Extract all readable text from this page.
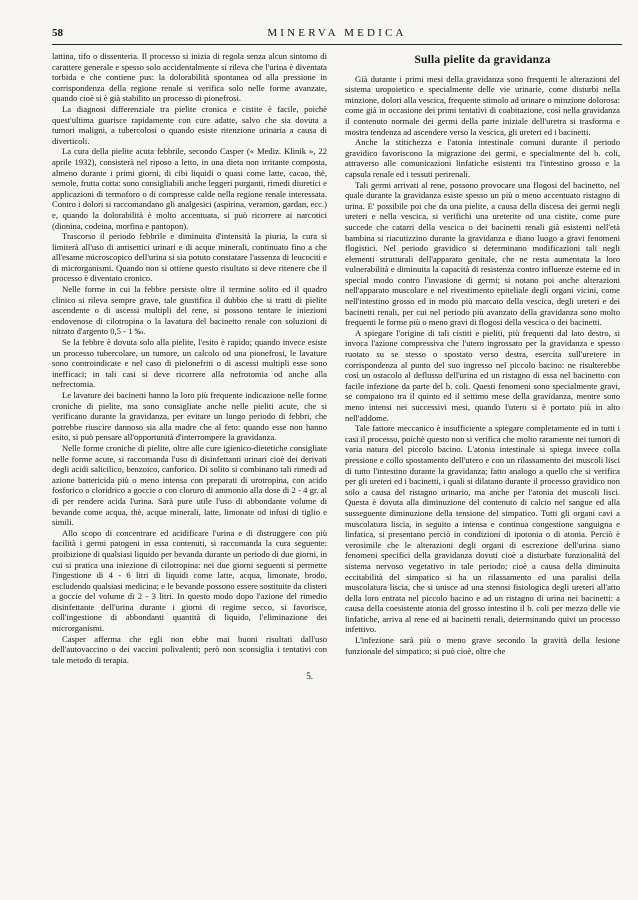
58	MINERVA MEDICA

lattina, tifo o dissenteria. Il processo si inizia di regola senza alcun sintomo di carattere generale e spesso solo accidentalmente si rileva che l'urina è diventata torbida e che contiene pus: la dolorabilità spontanea od alla pressione in corrispondenza della regione renale si verifica solo nelle forme avanzate, quando cioè si è già stabilito un processo di pionefrosi.

La diagnosi differenziale tra pielite cronica e cistite è facile, poichè quest'ultima guarisce rapidamente con cure adatte, salvo che sia dovuta a tumori maligni, a tubercolosi o quando esiste ritenzione urinaria a causa di diverticoli.

La cura della pielite acuta febbrile, secondo Casper (« Mediz. Klinik », 22 aprile 1932), consisterà nel riposo a letto, in una dieta non irritante composta, almeno durante i primi giorni, di cibi liquidi o quasi come latte, cacao, thè, semole, frutta cotta: sono consigliabili anche leggeri purganti, rimedi diuretici e applicazioni di termoforo o di compresse calde nella regione renale interessata. Contro i dolori si raccomandano gli analgesici (aspirina, veramon, gardan, ecc.) e, quando la dolorabilità è molto accentuata, si può ricorrere ai narcotici (dionina, codeina, morfina e pantopon).

Trascorso il periodo febbrile e diminuita d'intensità la piuria, la cura si limiterà all'uso di antisettici urinari e di acque minerali, continuato fino a che all'esame microscopico dell'urina si sia potuto constatare l'assenza di leucociti e di microrganismi. Quando non si ottiene questo risultato si deve ritenere che il processo è diventato cronico.

Nelle forme in cui la febbre persiste oltre il termine solito ed il quadro clinico si rileva sempre grave, tale giustifica il dubbio che si tratti di pielite ascendente o di ascessi multipli del rene, si possono tentare le iniezioni endovenose di cilotropina o la lavatura del bacinetto renale con soluzioni di nitrato d'argento 0,5 - 1 ‰.

Se la febbre è dovuta solo alla pielite, l'esito è rapido; quando invece esiste un processo tubercolare, un tumore, un calcolo od una pionefrosi, le lavature sono controindicate e nel caso di pielonefriti o di ascessi multipli esse sono inefficaci; in tali casi si deve ricorrere alla nefrotomia od anche alla nefrectomia.

Le lavature dei bacinetti hanno la loro più frequente indicazione nelle forme croniche di pielite, ma sono consigliate anche nelle pieliti acute, che si verificano durante la gravidanza, per evitare un lungo periodo di febbri, che potrebbe riuscire dannoso sia alla madre che al feto: quando esse non hanno esito, si può pensare all'opportunità d'interrompere la gravidanza.

Nelle forme croniche di pielite, oltre alle cure igienico-dietetiche consigliate nelle forme acute, si raccomanda l'uso di disinfettanti urinari cioè dei derivati degli acidi salicilico, benzoico, canforico. Di solito si combinano tali rimedi ad azione battericida più o meno intensa con preparati di urotropina, con acido fosforico o cloridrico a goccie o con cloruro di ammonio alla dose di 2 - 4 gr. al dì per rendere acida l'urina. Sarà pure utile l'uso di abbondante volume di bevande come acqua, thè, acque minerali, latte, limonate od infusi di tiglio e simili.

Allo scopo di concentrare ed acidificare l'urina e di distruggere con più facilità i germi patogeni in essa contenuti, si raccomanda la cura seguente: proibizione di qualsiasi liquido per bevanda durante un periodo di due giorni, in cui si pratica una iniezione di cilotropina: nei due giorni seguenti si permette l'ingestione di 4 - 6 litri di liquidi come latte, acqua, limonate, brodo, escludendo qualsiasi medicina; e le bevande possono essere sostituite da clisteri a goccie del volume di 2 - 3 litri. In questo modo dopo l'azione del rimedio disinfettante dell'urina durante i giorni di regime secco, si favorisce, coll'ingestione di abbondanti quantità di liquido, l'eliminazione dei microrganismi.

Casper afferma che egli non ebbe mai buoni risultati dall'uso dell'autovaccino o dei vaccini polivalenti; però non sconsiglia i tentativi con tale metodo di terapia.

5.
Sulla pielite da gravidanza

Già durante i primi mesi della gravidanza sono frequenti le alterazioni del sistema uropoietico e specialmente delle vie urinarie, come disturbi nella minzione, dolori alla vescica, frequente stimolo ad urinare o minzione dolorosa: come già in occasione dei primi tentativi di coabitazione, così nella gravidanza il contenuto normale dei germi della parte iniziale dell'uretra si trasforma e mostra tendenza ad ascendere verso la vescica, gli ureteri ed i bacinetti.

Anche la stitichezza e l'atonia intestinale comuni durante il periodo gravidico favoriscono la migrazione dei germi, e specialmente del b. coli, attraverso alle comunicazioni linfatiche esistenti tra l'intestino grosso e la capsula renale ed i tessuti perirenali.

Tali germi arrivati al rene, possono provocare una flogosi del bacinetto, nel quale durante la gravidanza esiste spesso un più o meno accentuato ristagno di urina. E' possibile poi che da una pielite, a causa della discesa dei germi negli ureteri e nella vescica, si verifichi una ureterite od una cistite, come pure succede che catarri della vescica o dei bacinetti renali già esistenti nell'età bambina si riacutizzino durante la gravidanza e diano luogo a gravi fenomeni flogistici. Nel periodo gravidico si determinano modificazioni tali negli elementi strutturali dell'apparato genitale, che ne resta aumentata la loro vulnerabilità e diminuita la capacità di resistenza contro influenze esterne ed in special modo contro l'invasione di germi; si notano poi anche alterazioni nell'apparato muscolare e nel rivestimento epiteliale degli organi vicini, come nell'intestino grosso ed in modo più marcato della vescica, degli ureteri e dei bacinetti renali, per cui nel periodo più avanzato della gravidanza sono molto frequenti le forme più o meno gravi di flogosi della vescica o dei bacinetti.

A spiegare l'origine di tali cistiti e pieliti, più frequenti dal lato destro, si invoca l'azione compressiva che l'utero ingrossato per la gravidanza e spesso ruotato su se stesso o spostato verso destra, esercita sull'uretere in corrispondenza al punto del suo ingresso nel piccolo bacino: ne risulterebbe così un ostacolo al deflusso dell'urina ed un ristagno di essa nel bacinetto con facile infezione da parte del b. coli. Questi fenomeni sono specialmente gravi, se compaiono tra il quinto ed il settimo mese della gravidanza, mentre sono meno intensi nei successivi mesi, quando l'utero si è portato più in alto nell'addome.

Tale fattore meccanico è insufficiente a spiegare completamente ed in tutti i casi il processo, poichè questo non si verifica che molto raramente nei tumori di varia natura del piccolo bacino. L'atonia intestinale si spiega invece colla pressione e collo spostamento dell'utero e con un rilassamento dei muscoli lisci di tutto l'intestino durante la gravidanza; fatto analogo a quello che si verifica per gli ureteri ed i bacinetti, i quali si dilatano durante il processo gravidico non solo a causa del ristagno urinario, ma anche per l'atonia dei muscoli lisci. Questa è dovuta alla diminuzione del contenuto di calcio nel sangue ed alla susseguente diminuzione della tensione del simpatico. Tutti gli organi cavi a muscolatura liscia, in seguito a intensa e continua congestione sanguigna e linfatica, si presentano perciò in condizioni di ipotonia o di atonia. Perciò è verosimile che le alterazioni degli organi di escrezione dell'urina siano fenomeni specifici della gravidanza dovuti cioè a disturbate funzionalità del sistema nervoso vegetativo in tale periodo; cioè a causa della diminuita eccitabilità del simpatico si ha un rilassamento ed una paralisi della muscolatura liscia, che si unisce ad una stenosi fisiologica degli ureteri all'atto della loro entrata nel piccolo bacino e ad un ristagno di urina nei bacinetti: a causa della coesistente atonia del grosso intestino il b. coli per mezzo delle vie linfatiche, arriva al rene ed ai bacinetti renali, determinando quivi un processo infettivo.

L'infezione sarà più o meno grave secondo la gravità della lesione funzionale del simpatico; si può cioè, oltre che
